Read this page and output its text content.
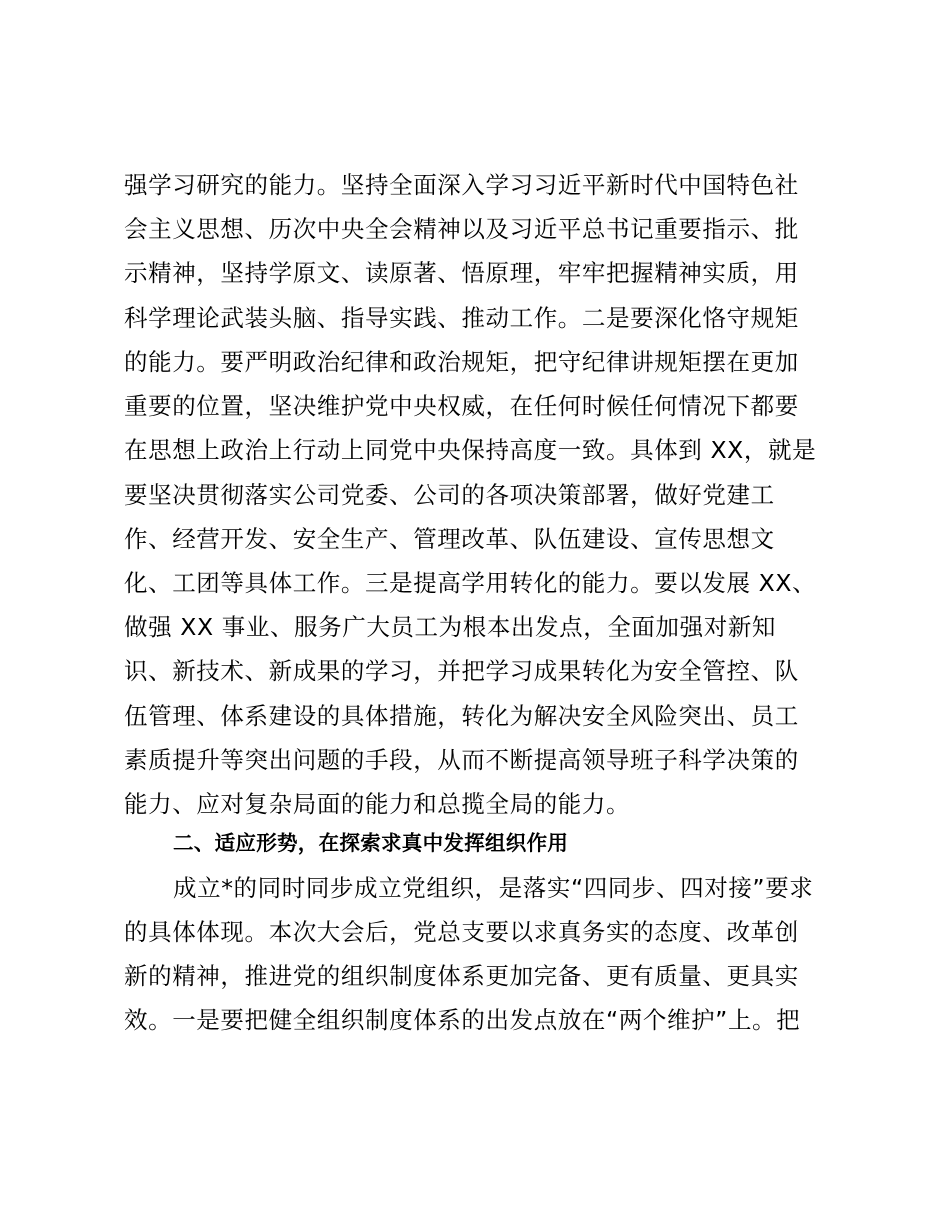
强学习研究的能力。坚持全面深入学习习近平新时代中国特色社
会主义思想、历次中央全会精神以及习近平总书记重要指示、批
示精神，坚持学原文、读原著、悟原理，牢牢把握精神实质，用
科学理论武装头脑、指导实践、推动工作。二是要深化恪守规矩
的能力。要严明政治纪律和政治规矩，把守纪律讲规矩摆在更加
重要的位置，坚决维护党中央权威，在任何时候任何情况下都要
在思想上政治上行动上同党中央保持高度一致。具体到 XX，就是
要坚决贯彻落实公司党委、公司的各项决策部署，做好党建工
作、经营开发、安全生产、管理改革、队伍建设、宣传思想文
化、工团等具体工作。三是提高学用转化的能力。要以发展 XX、
做强 XX 事业、服务广大员工为根本出发点，全面加强对新知
识、新技术、新成果的学习，并把学习成果转化为安全管控、队
伍管理、体系建设的具体措施，转化为解决安全风险突出、员工
素质提升等突出问题的手段，从而不断提高领导班子科学决策的
能力、应对复杂局面的能力和总揽全局的能力。
二、适应形势，在探索求真中发挥组织作用
成立*的同时同步成立党组织，是落实“四同步、四对接”要求
的具体体现。本次大会后，党总支要以求真务实的态度、改革创
新的精神，推进党的组织制度体系更加完备、更有质量、更具实
效。一是要把健全组织制度体系的出发点放在“两个维护”上。把
